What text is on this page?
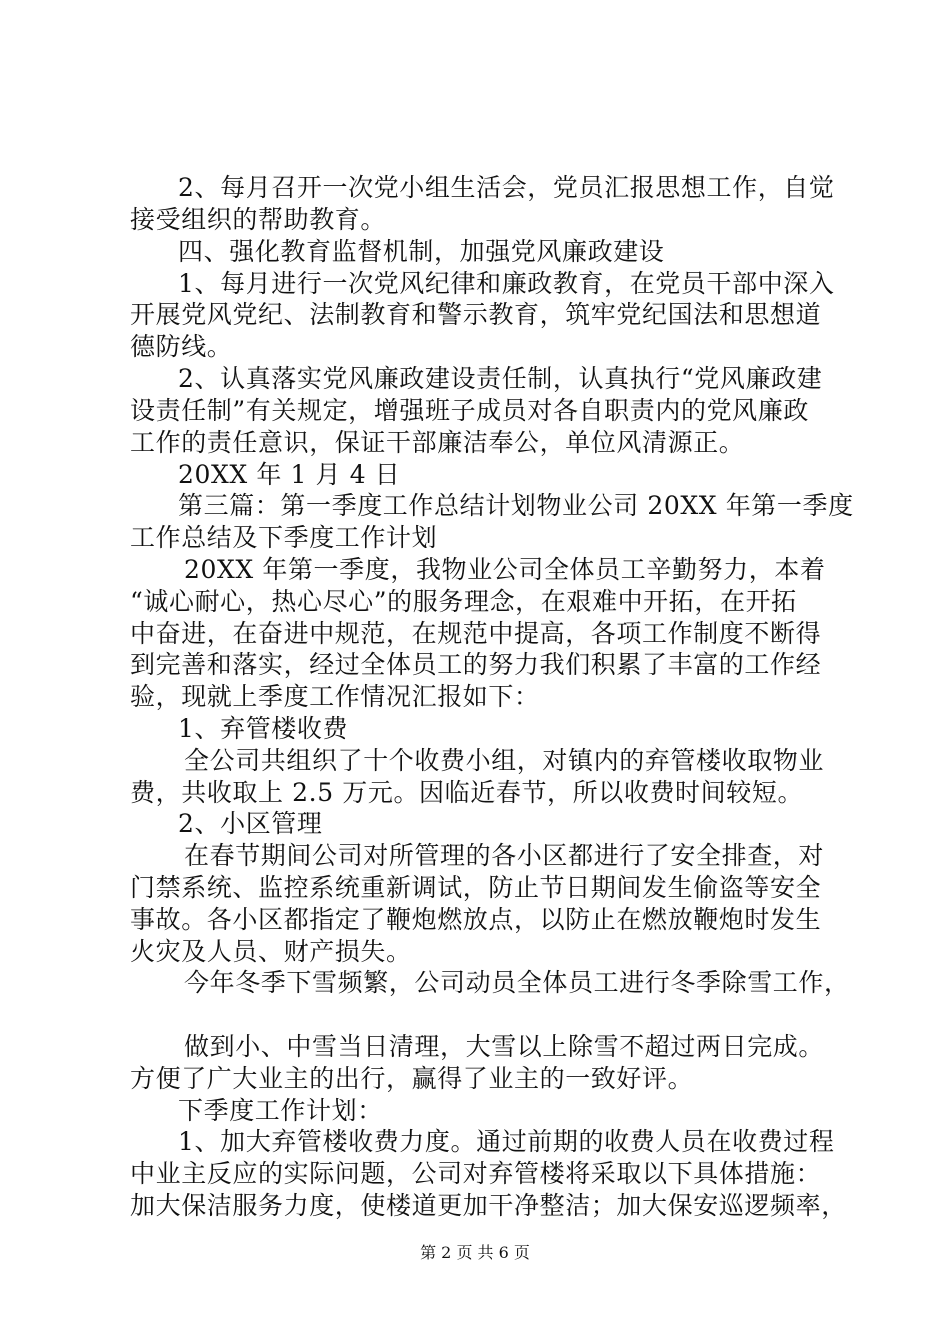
2、每月召开一次党小组生活会，党员汇报思想工作，自觉
接受组织的帮助教育。
四、强化教育监督机制，加强党风廉政建设
1、每月进行一次党风纪律和廉政教育，在党员干部中深入
开展党风党纪、法制教育和警示教育，筑牢党纪国法和思想道
德防线。
2、认真落实党风廉政建设责任制，认真执行“党风廉政建
设责任制”有关规定，增强班子成员对各自职责内的党风廉政
工作的责任意识，保证干部廉洁奉公，单位风清源正。
20XX 年 1 月 4 日
第三篇：第一季度工作总结计划物业公司 20XX 年第一季度
工作总结及下季度工作计划
20XX 年第一季度，我物业公司全体员工辛勤努力，本着
“诚心耐心，热心尽心”的服务理念，在艰难中开拓，在开拓
中奋进，在奋进中规范，在规范中提高，各项工作制度不断得
到完善和落实，经过全体员工的努力我们积累了丰富的工作经
验，现就上季度工作情况汇报如下：
1、弃管楼收费
全公司共组织了十个收费小组，对镇内的弃管楼收取物业
费，共收取上 2.5 万元。因临近春节，所以收费时间较短。
2、小区管理
在春节期间公司对所管理的各小区都进行了安全排查，对
门禁系统、监控系统重新调试，防止节日期间发生偷盗等安全
事故。各小区都指定了鞭炮燃放点，以防止在燃放鞭炮时发生
火灾及人员、财产损失。
今年冬季下雪频繁，公司动员全体员工进行冬季除雪工作，
做到小、中雪当日清理，大雪以上除雪不超过两日完成。
方便了广大业主的出行，赢得了业主的一致好评。
下季度工作计划：
1、加大弃管楼收费力度。通过前期的收费人员在收费过程
中业主反应的实际问题，公司对弃管楼将采取以下具体措施：
加大保洁服务力度，使楼道更加干净整洁；加大保安巡逻频率，
第 2 页 共 6 页
